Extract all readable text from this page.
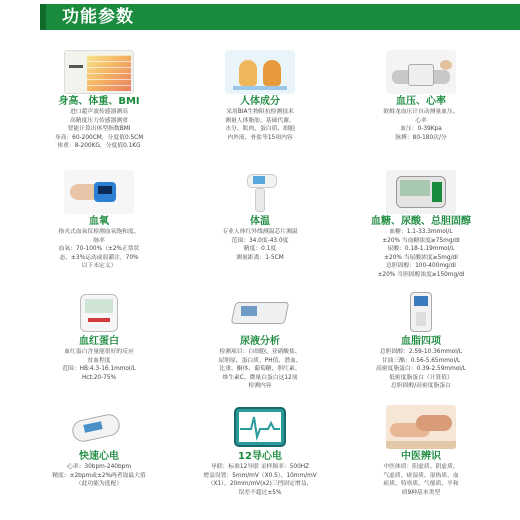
功能参数
身高、体重、BMI
进口超声波传感器测高
高精度压力传感器测重
智能计算出体型指数BMI
身高：60-200CM，分度值0.5CM
体重：8-200KG，分度值0.1KG
人体成分
采用BIA生物阻抗检测技术
测量人体脂肪、基础代谢、
水分、肌肉、蛋白质、细胞
内外液、骨盐等15项内容
血压、心率
欧姆龙血压计自动测量血压、
心率
血压：0-39Kpa
脉搏：80-180次/分
血氧
指夹式血氧仪检测血氧饱和度、
脉率
血氧：70-100%（±2%正常状
态，±3%运动或弱灌注，70%
以下未定义）
体温
专业人体红外线测温芯片测温
范围：34.0度-43.0度
精度：0.1度
测量距离：1-5CM
血糖、尿酸、总胆固醇
血糖：1.1-33.3mmol/L
±20% 当血糖浓度≥75mg/dl
尿酸：0.18-1.19mmol/L
±20% 当尿酸浓度≥5mg/dl
总胆固醇：100-400mg/dl
±20% 当胆固醇浓度≥150mg/dl
血红蛋白
血红蛋白含量能很好的反应
贫血程度
范围：HB:4.3-16.1mmol/L
Hct:20-75%
尿液分析
检测项目：白细胞、亚硝酸盐、
尿胆原、蛋白质、PH值、潜血、
比重、酮体、葡萄糖、胆红素、
维生素C、微量白蛋白这12项
检测内容
血脂四项
总胆固醇：2.59-10.36mmol/L
甘油三酯：0.56-5.65mmol/L
高密度脂蛋白：0.39-2.59mmol/L
低密度脂蛋白（计算值）
总胆固醇/高密度脂蛋白
快速心电
心率：30bpm-240bpm
精度：±2bpm或±2%两者取最大值
（此功能为选配）
12导心电
导联：标准12导联 采样频率：500HZ
增益设置：5mm/mV（X0.5）、10mm/mV
（X1）、20mm/mV(x2)三挡固定增益，
误差不超过±5%
中医辨识
中医体质：阳虚质、阴虚质、
气虚质、痰湿质、湿热质、血
瘀质、特禀质、气郁质、平和
质9种基本类型
